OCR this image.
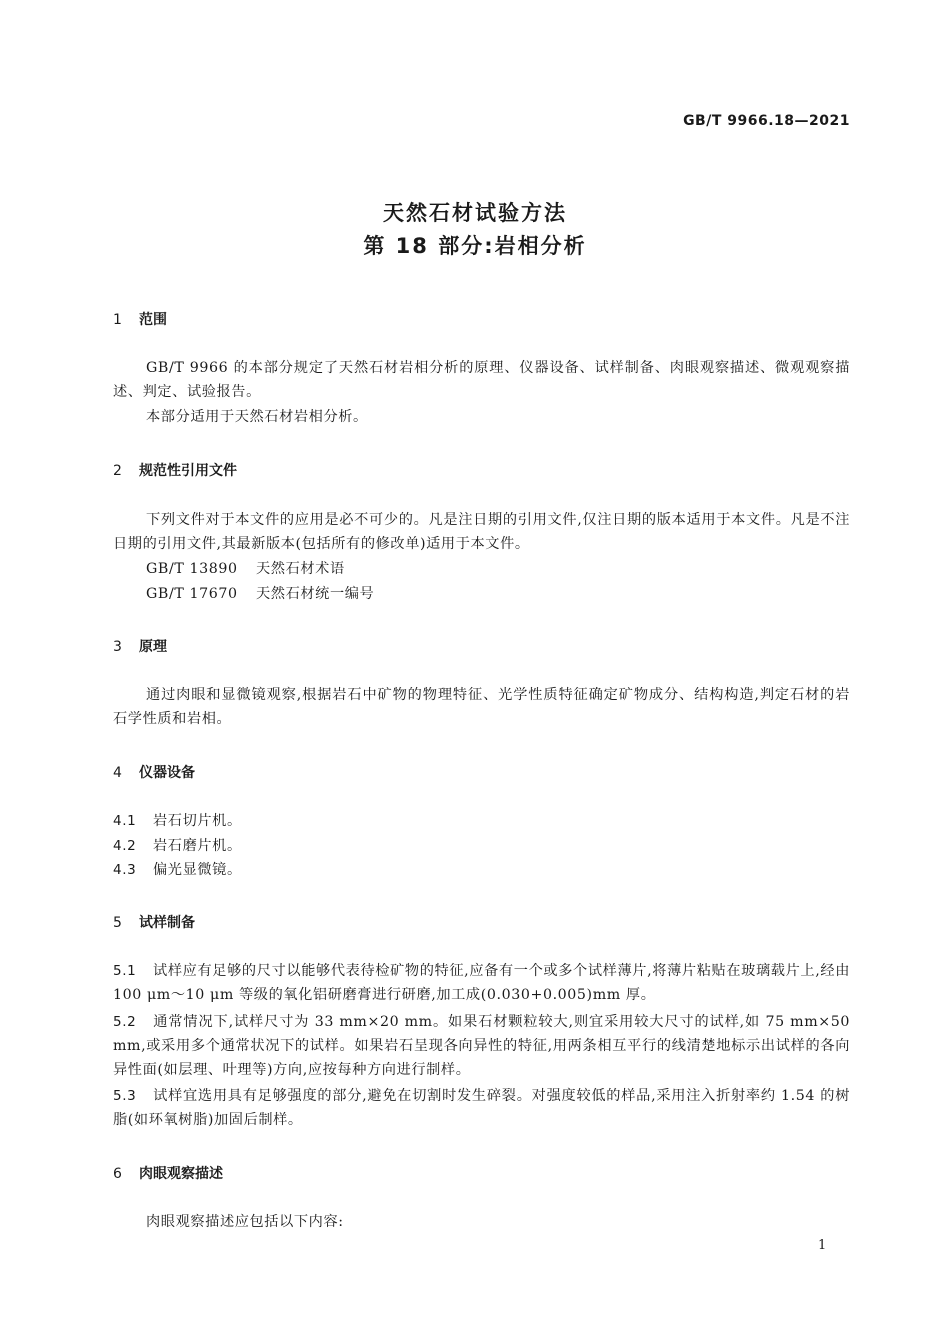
GB/T 9966.18—2021
天然石材试验方法
第 18 部分:岩相分析
1 范围
GB/T 9966 的本部分规定了天然石材岩相分析的原理、仪器设备、试样制备、肉眼观察描述、微观观察描述、判定、试验报告。
本部分适用于天然石材岩相分析。
2 规范性引用文件
下列文件对于本文件的应用是必不可少的。凡是注日期的引用文件,仅注日期的版本适用于本文件。凡是不注日期的引用文件,其最新版本(包括所有的修改单)适用于本文件。
GB/T 13890 天然石材术语
GB/T 17670 天然石材统一编号
3 原理
通过肉眼和显微镜观察,根据岩石中矿物的物理特征、光学性质特征确定矿物成分、结构构造,判定石材的岩石学性质和岩相。
4 仪器设备
4.1 岩石切片机。
4.2 岩石磨片机。
4.3 偏光显微镜。
5 试样制备
5.1 试样应有足够的尺寸以能够代表待检矿物的特征,应备有一个或多个试样薄片,将薄片粘贴在玻璃载片上,经由 100 μm～10 μm 等级的氧化铝研磨膏进行研磨,加工成(0.030+0.005)mm 厚。
5.2 通常情况下,试样尺寸为 33 mm×20 mm。如果石材颗粒较大,则宜采用较大尺寸的试样,如 75 mm×50 mm,或采用多个通常状况下的试样。如果岩石呈现各向异性的特征,用两条相互平行的线清楚地标示出试样的各向异性面(如层理、叶理等)方向,应按每种方向进行制样。
5.3 试样宜选用具有足够强度的部分,避免在切割时发生碎裂。对强度较低的样品,采用注入折射率约 1.54 的树脂(如环氧树脂)加固后制样。
6 肉眼观察描述
肉眼观察描述应包括以下内容:
1
